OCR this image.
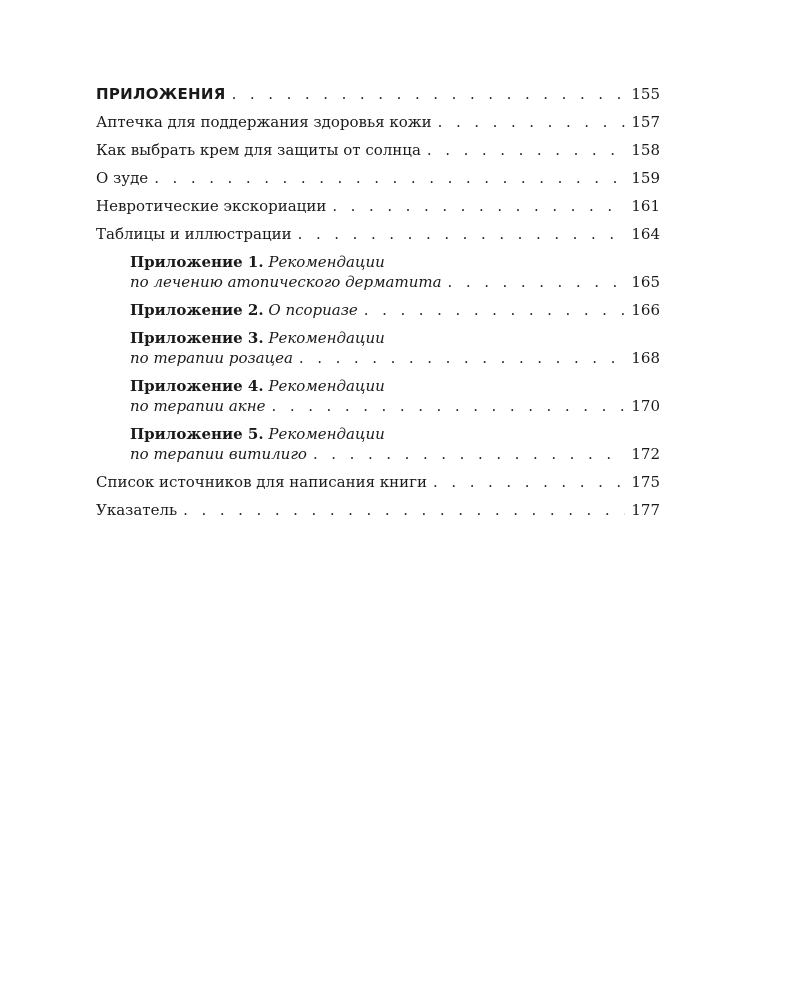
ПРИЛОЖЕНИЯ . . .	155
Аптечка для поддержания здоровья кожи . . .	157
Как выбрать крем для защиты от солнца . . .	158
О зуде . . .	159
Невротические экскориации . . .	161
Таблицы и иллюстрации . . .	164
Приложение 1. Рекомендации
по лечению атопического дерматита . . .	165
Приложение 2. О псориазе . . .	166
Приложение 3. Рекомендации
по терапии розацеа . . .	168
Приложение 4. Рекомендации
по терапии акне . . .	170
Приложение 5. Рекомендации
по терапии витилиго . . .	172
Список источников для написания книги . . .	175
Указатель . . .	177
